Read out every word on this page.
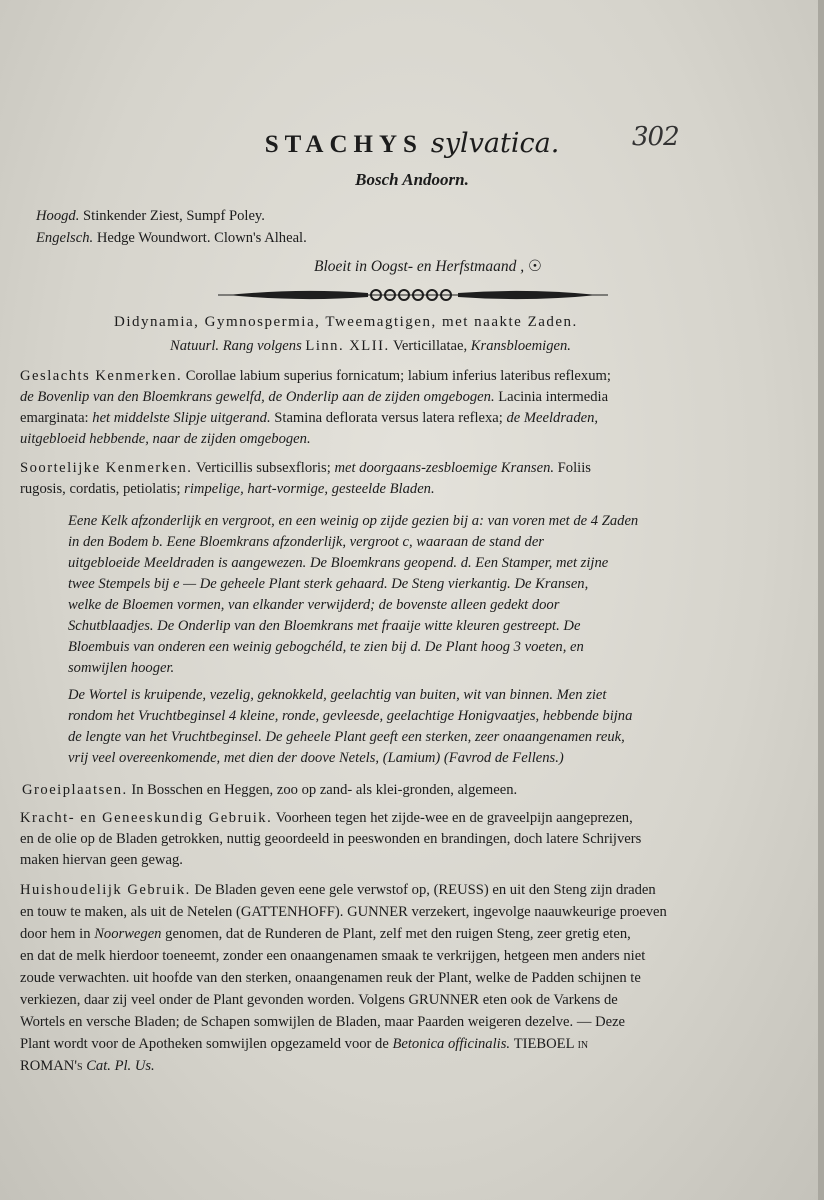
302
STACHYS sylvatica.
Bosch Andoorn.
Hoogd. Stinkender Ziest, Sumpf Poley.
Engelsch. Hedge Woundwort. Clown's Alheal.
Bloeit in Oogst- en Herfstmaand , ☉
Didynamia, Gymnospermia, Tweemagtigen, met naakte Zaden.
Natuurl. Rang volgens Linn. XLII. Verticillatae, Kransbloemigen.
Geslachts Kenmerken. Corollae labium superius fornicatum; labium inferius lateribus reflexum;
de Bovenlip van den Bloemkrans gewelfd, de Onderlip aan de zijden omgebogen. Lacinia intermedia
emarginata: het middelste Slipje uitgerand. Stamina deflorata versus latera reflexa; de Meeldraden,
uitgebloeid hebbende, naar de zijden omgebogen.
Soortelijke Kenmerken. Verticillis subsexfloris; met doorgaans-zesbloemige Kransen. Foliis
rugosis, cordatis, petiolatis; rimpelige, hart-vormige, gesteelde Bladen.
Eene Kelk afzonderlijk en vergroot, en een weinig op zijde gezien bij a: van voren met de 4 Zaden
in den Bodem b. Eene Bloemkrans afzonderlijk, vergroot c, waaraan de stand der
uitgebloeide Meeldraden is aangewezen. De Bloemkrans geopend. d. Een Stamper, met zijne
twee Stempels bij e — De geheele Plant sterk gehaard. De Steng vierkantig. De Kransen,
welke de Bloemen vormen, van elkander verwijderd; de bovenste alleen gedekt door
Schutblaadjes. De Onderlip van den Bloemkrans met fraaije witte kleuren gestreept. De
Bloembuis van onderen een weinig gebogchéld, te zien bij d. De Plant hoog 3 voeten, en
somwijlen hooger.
De Wortel is kruipende, vezelig, geknokkeld, geelachtig van buiten, wit van binnen. Men ziet
rondom het Vruchtbeginsel 4 kleine, ronde, gevleesde, geelachtige Honigvaatjes, hebbende bijna
de lengte van het Vruchtbeginsel. De geheele Plant geeft een sterken, zeer onaangenamen reuk,
vrij veel overeenkomende, met dien der doove Netels, (Lamium) (Favrod de Fellens.)
Groeiplaatsen. In Bosschen en Heggen, zoo op zand- als klei-gronden, algemeen.
Kracht- en Geneeskundig Gebruik. Voorheen tegen het zijde-wee en de graveelpijn aangeprezen,
en de olie op de Bladen getrokken, nuttig geoordeeld in peeswonden en brandingen, doch latere Schrijvers
maken hiervan geen gewag.
Huishoudelijk Gebruik. De Bladen geven eene gele verwstof op, (REUSS) en uit den Steng zijn draden
en touw te maken, als uit de Netelen (GATTENHOFF). GUNNER verzekert, ingevolge naauwkeurige proeven
door hem in Noorwegen genomen, dat de Runderen de Plant, zelf met den ruigen Steng, zeer gretig eten,
en dat de melk hierdoor toeneemt, zonder een onaangenamen smaak te verkrijgen, hetgeen men anders niet
zoude verwachten. uit hoofde van den sterken, onaangenamen reuk der Plant, welke de Padden schijnen te
verkiezen, daar zij veel onder de Plant gevonden worden. Volgens GRUNNER eten ook de Varkens de
Wortels en versche Bladen; de Schapen somwijlen de Bladen, maar Paarden weigeren dezelve. — Deze
Plant wordt voor de Apotheken somwijlen opgezameld voor de Betonica officinalis. TIEBOEL in
ROMAN's Cat. Pl. Us.
